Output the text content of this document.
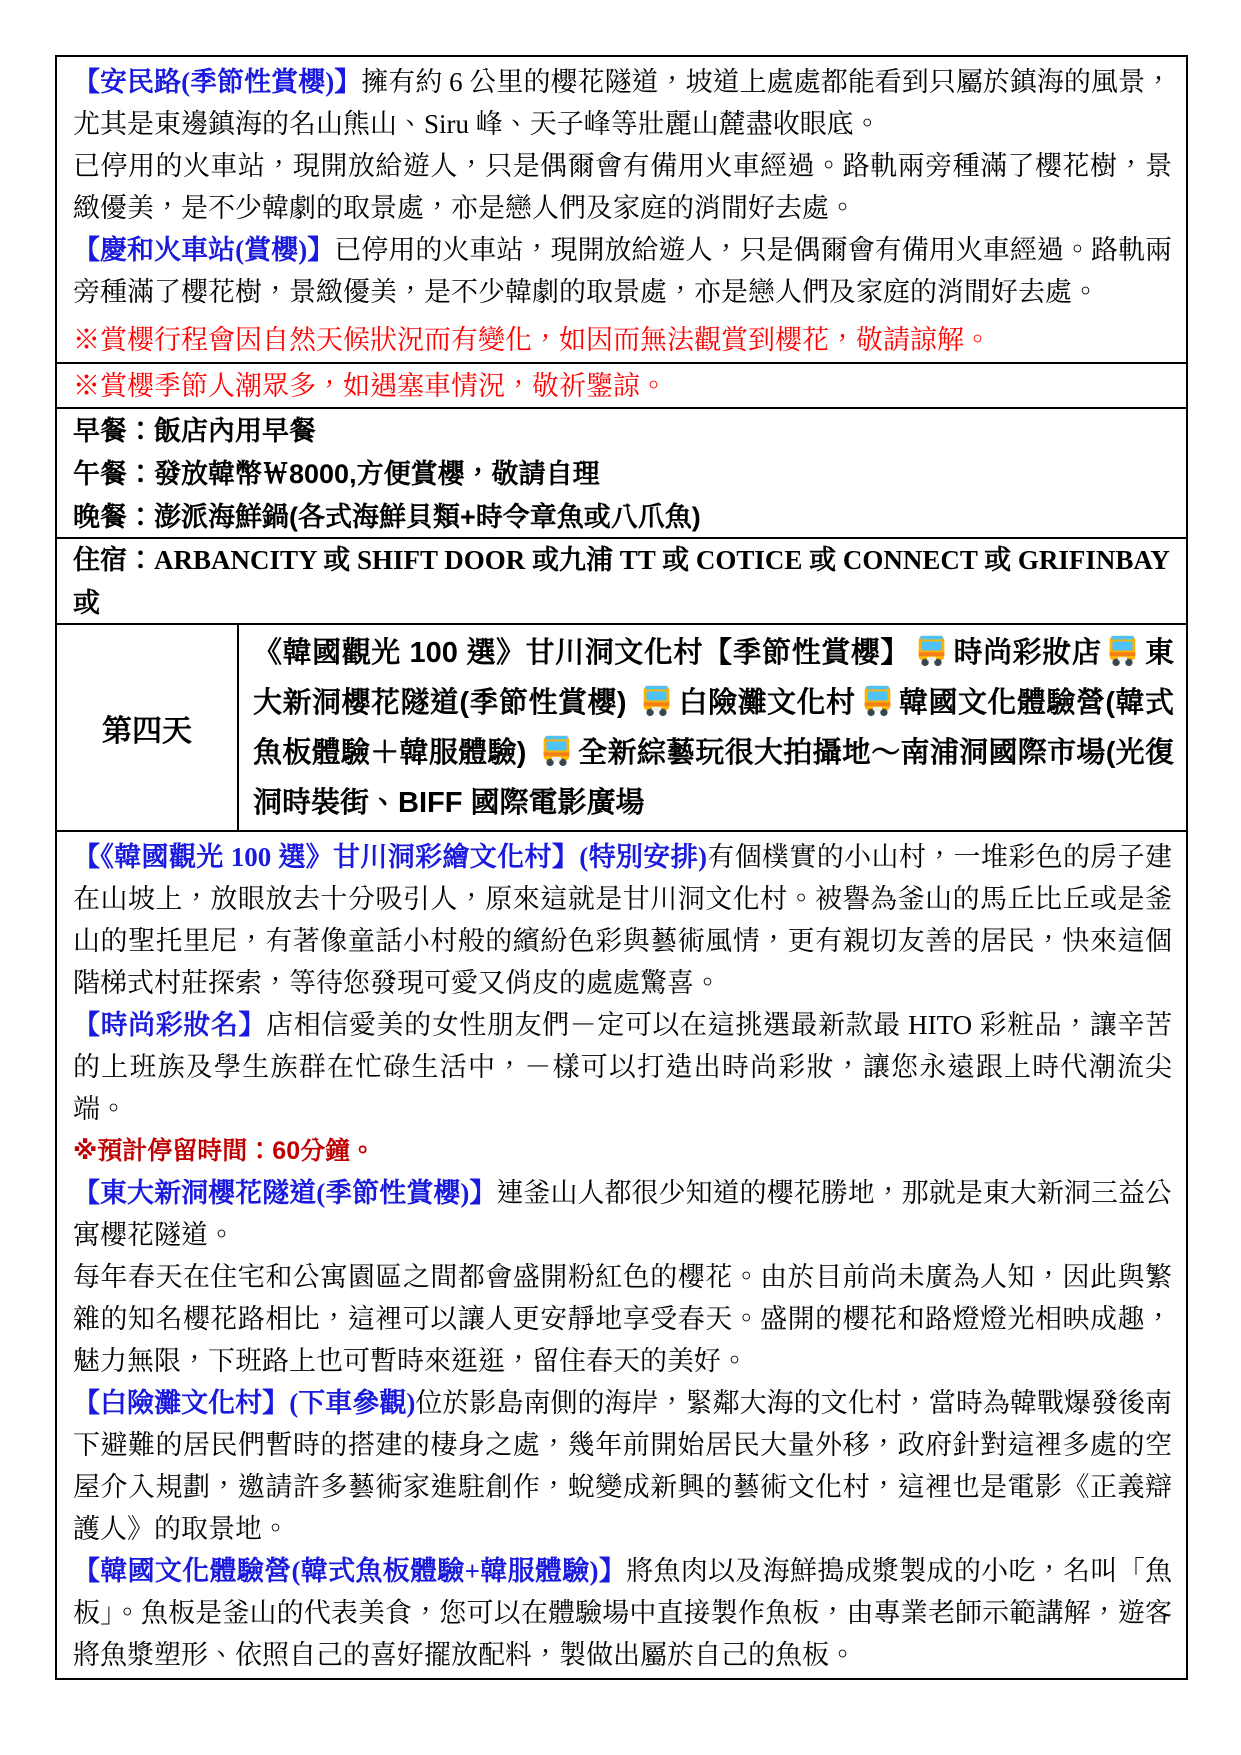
【安民路(季節性賞櫻)】擁有約 6 公里的櫻花隧道，坡道上處處都能看到只屬於鎮海的風景，尤其是東邊鎮海的名山熊山、Siru 峰、天子峰等壯麗山麓盡收眼底。

已停用的火車站，現開放給遊人，只是偶爾會有備用火車經過。路軌兩旁種滿了櫻花樹，景緻優美，是不少韓劇的取景處，亦是戀人們及家庭的消閒好去處。

【慶和火車站(賞櫻)】已停用的火車站，現開放給遊人，只是偶爾會有備用火車經過。路軌兩旁種滿了櫻花樹，景緻優美，是不少韓劇的取景處，亦是戀人們及家庭的消閒好去處。

※賞櫻行程會因自然天候狀況而有變化，如因而無法觀賞到櫻花，敬請諒解。

※賞櫻季節人潮眾多，如遇塞車情況，敬祈鑒諒。

早餐：飯店內用早餐

午餐：發放韓幣￦8000,方便賞櫻，敬請自理

晚餐：澎派海鮮鍋(各式海鮮貝類+時令章魚或八爪魚)

住宿：ARBANCITY 或 SHIFT DOOR 或九浦 TT 或 COTICE 或 CONNECT 或 GRIFINBAY 或

第四天
《韓國觀光 100 選》甘川洞文化村【季節性賞櫻】 時尚彩妝店 東大新洞櫻花隧道(季節性賞櫻)
白險灘文化村 韓國文化體驗營(韓式魚板體驗＋韓服體驗)
全新綜藝玩很大拍攝地～南浦洞國際市場(光復洞時裝街、BIFF 國際電影廣場

【《韓國觀光 100 選》甘川洞彩繪文化村】(特別安排)有個樸實的小山村，一堆彩色的房子建在山坡上，放眼放去十分吸引人，原來這就是甘川洞文化村。被譽為釜山的馬丘比丘或是釜山的聖托里尼，有著像童話小村般的繽紛色彩與藝術風情，更有親切友善的居民，快來這個階梯式村莊探索，等待您發現可愛又俏皮的處處驚喜。

【時尚彩妝名】店相信愛美的女性朋友們－定可以在這挑選最新款最 HITO 彩粧品，讓辛苦的上班族及學生族群在忙碌生活中，－樣可以打造出時尚彩妝，讓您永遠跟上時代潮流尖端。

※預計停留時間：60分鐘。

【東大新洞櫻花隧道(季節性賞櫻)】連釜山人都很少知道的櫻花勝地，那就是東大新洞三益公寓櫻花隧道。

每年春天在住宅和公寓園區之間都會盛開粉紅色的櫻花。由於目前尚未廣為人知，因此與繁雜的知名櫻花路相比，這裡可以讓人更安靜地享受春天。盛開的櫻花和路燈燈光相映成趣，魅力無限，下班路上也可暫時來逛逛，留住春天的美好。

【白險灘文化村】(下車參觀)位於影島南側的海岸，緊鄰大海的文化村，當時為韓戰爆發後南下避難的居民們暫時的搭建的棲身之處，幾年前開始居民大量外移，政府針對這裡多處的空屋介入規劃，邀請許多藝術家進駐創作，蛻變成新興的藝術文化村，這裡也是電影《正義辯護人》的取景地。

【韓國文化體驗營(韓式魚板體驗+韓服體驗)】將魚肉以及海鮮搗成漿製成的小吃，名叫「魚板」。魚板是釜山的代表美食，您可以在體驗場中直接製作魚板，由專業老師示範講解，遊客將魚漿塑形、依照自己的喜好擺放配料，製做出屬於自己的魚板。
